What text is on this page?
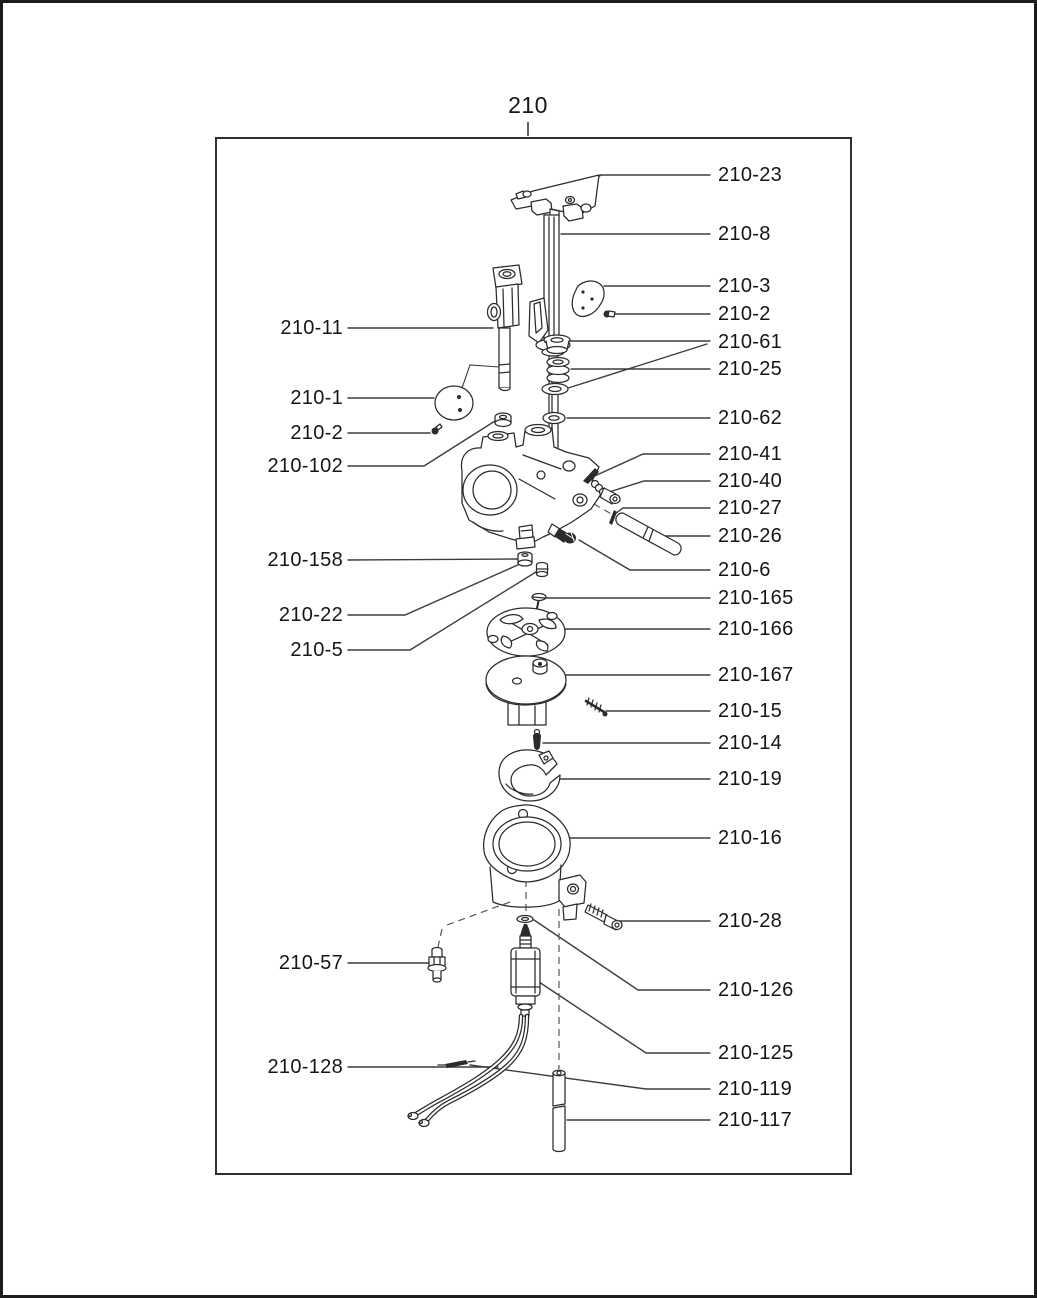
210
210-23
210-8
210-3
210-2
210-61
210-25
210-62
210-41
210-40
210-27
210-26
210-6
210-165
210-166
210-167
210-15
210-14
210-19
210-16
210-28
210-126
210-125
210-119
210-117
210-11
210-1
210-2
210-102
210-158
210-22
210-5
210-57
210-128
